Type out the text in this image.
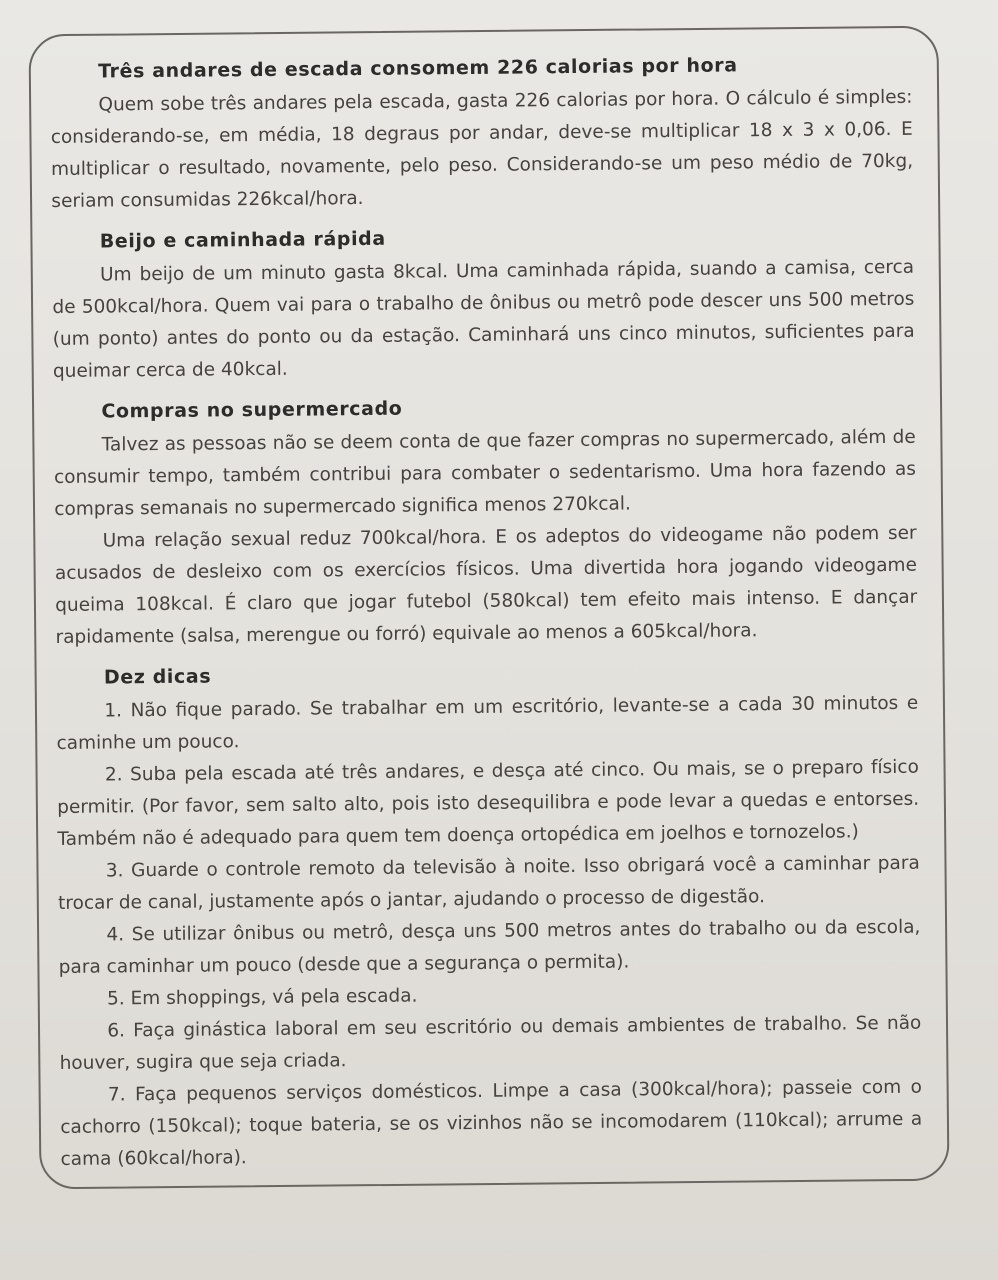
Três andares de escada consomem 226 calorias por hora

Quem sobe três andares pela escada, gasta 226 calorias por hora. O cálculo é simples: considerando-se, em média, 18 degraus por andar, deve-se multiplicar 18 x 3 x 0,06. E multiplicar o resultado, novamente, pelo peso. Considerando-se um peso médio de 70kg, seriam consumidas 226kcal/hora.

Beijo e caminhada rápida

Um beijo de um minuto gasta 8kcal. Uma caminhada rápida, suando a camisa, cerca de 500kcal/hora. Quem vai para o trabalho de ônibus ou metrô pode descer uns 500 metros (um ponto) antes do ponto ou da estação. Caminhará uns cinco minutos, suficientes para queimar cerca de 40kcal.

Compras no supermercado

Talvez as pessoas não se deem conta de que fazer compras no supermercado, além de consumir tempo, também contribui para combater o sedentarismo. Uma hora fazendo as compras semanais no supermercado significa menos 270kcal.

Uma relação sexual reduz 700kcal/hora. E os adeptos do videogame não podem ser acusados de desleixo com os exercícios físicos. Uma divertida hora jogando videogame queima 108kcal. É claro que jogar futebol (580kcal) tem efeito mais intenso. E dançar rapidamente (salsa, merengue ou forró) equivale ao menos a 605kcal/hora.

Dez dicas

1. Não fique parado. Se trabalhar em um escritório, levante-se a cada 30 minutos e caminhe um pouco.

2. Suba pela escada até três andares, e desça até cinco. Ou mais, se o preparo físico permitir. (Por favor, sem salto alto, pois isto desequilibra e pode levar a quedas e entorses. Também não é adequado para quem tem doença ortopédica em joelhos e tornozelos.)

3. Guarde o controle remoto da televisão à noite. Isso obrigará você a caminhar para trocar de canal, justamente após o jantar, ajudando o processo de digestão.

4. Se utilizar ônibus ou metrô, desça uns 500 metros antes do trabalho ou da escola, para caminhar um pouco (desde que a segurança o permita).

5. Em shoppings, vá pela escada.

6. Faça ginástica laboral em seu escritório ou demais ambientes de trabalho. Se não houver, sugira que seja criada.

7. Faça pequenos serviços domésticos. Limpe a casa (300kcal/hora); passeie com o cachorro (150kcal); toque bateria, se os vizinhos não se incomodarem (110kcal); arrume a cama (60kcal/hora).
